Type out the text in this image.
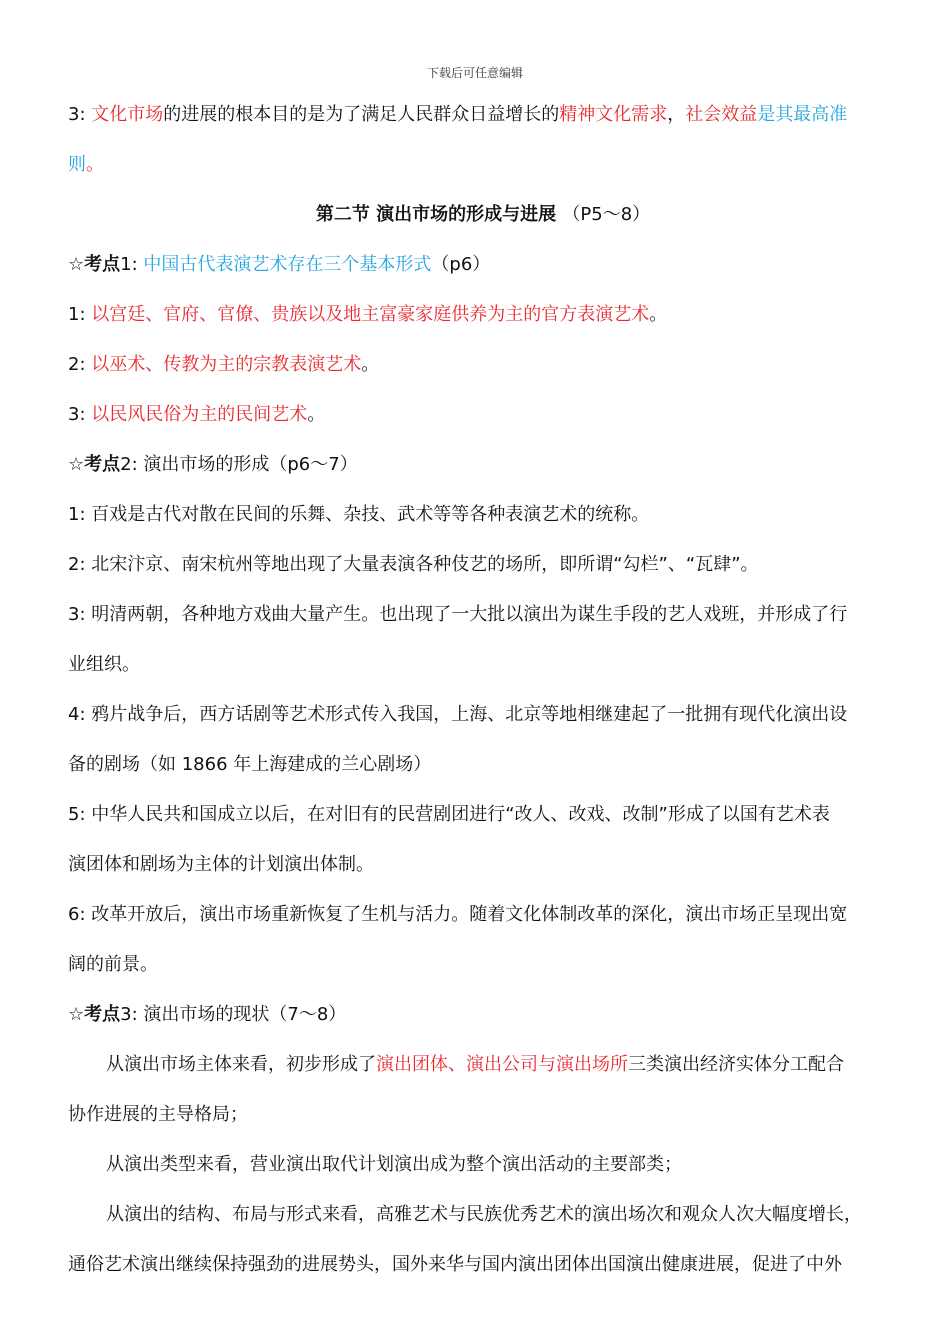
下载后可任意编辑
3: 文化市场的进展的根本目的是为了满足人民群众日益增长的精神文化需求，社会效益是其最高准
则。
第二节 演出市场的形成与进展 （P5～8）
☆考点1: 中国古代表演艺术存在三个基本形式（p6）
1: 以宫廷、官府、官僚、贵族以及地主富豪家庭供养为主的官方表演艺术。
2: 以巫术、传教为主的宗教表演艺术。
3: 以民风民俗为主的民间艺术。
☆考点2: 演出市场的形成（p6～7）
1: 百戏是古代对散在民间的乐舞、杂技、武术等等各种表演艺术的统称。
2: 北宋汴京、南宋杭州等地出现了大量表演各种伎艺的场所，即所谓“勾栏”、“瓦肆”。
3: 明清两朝，各种地方戏曲大量产生。也出现了一大批以演出为谋生手段的艺人戏班，并形成了行
业组织。
4: 鸦片战争后，西方话剧等艺术形式传入我国，上海、北京等地相继建起了一批拥有现代化演出设
备的剧场（如 1866 年上海建成的兰心剧场）
5: 中华人民共和国成立以后，在对旧有的民营剧团进行“改人、改戏、改制”形成了以国有艺术表
演团体和剧场为主体的计划演出体制。
6: 改革开放后，演出市场重新恢复了生机与活力。随着文化体制改革的深化，演出市场正呈现出宽
阔的前景。
☆考点3: 演出市场的现状（7～8）
从演出市场主体来看，初步形成了演出团体、演出公司与演出场所三类演出经济实体分工配合
协作进展的主导格局；
从演出类型来看，营业演出取代计划演出成为整个演出活动的主要部类；
从演出的结构、布局与形式来看，高雅艺术与民族优秀艺术的演出场次和观众人次大幅度增长，
通俗艺术演出继续保持强劲的进展势头，国外来华与国内演出团体出国演出健康进展，促进了中外
